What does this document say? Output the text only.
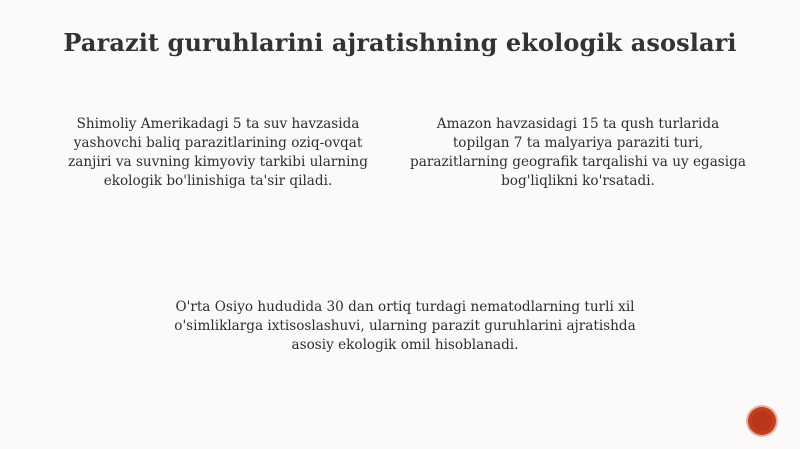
Parazit guruhlarini ajratishning ekologik asoslari
Shimoliy Amerikadagi 5 ta suv havzasida
yashovchi baliq parazitlarining oziq-ovqat
zanjiri va suvning kimyoviy tarkibi ularning
ekologik bo'linishiga ta'sir qiladi.
Amazon havzasidagi 15 ta qush turlarida
topilgan 7 ta malyariya paraziti turi,
parazitlarning geografik tarqalishi va uy egasiga
bog'liqlikni ko'rsatadi.
O'rta Osiyo hududida 30 dan ortiq turdagi nematodlarning turli xil
o'simliklarga ixtisoslashuvi, ularning parazit guruhlarini ajratishda
asosiy ekologik omil hisoblanadi.
